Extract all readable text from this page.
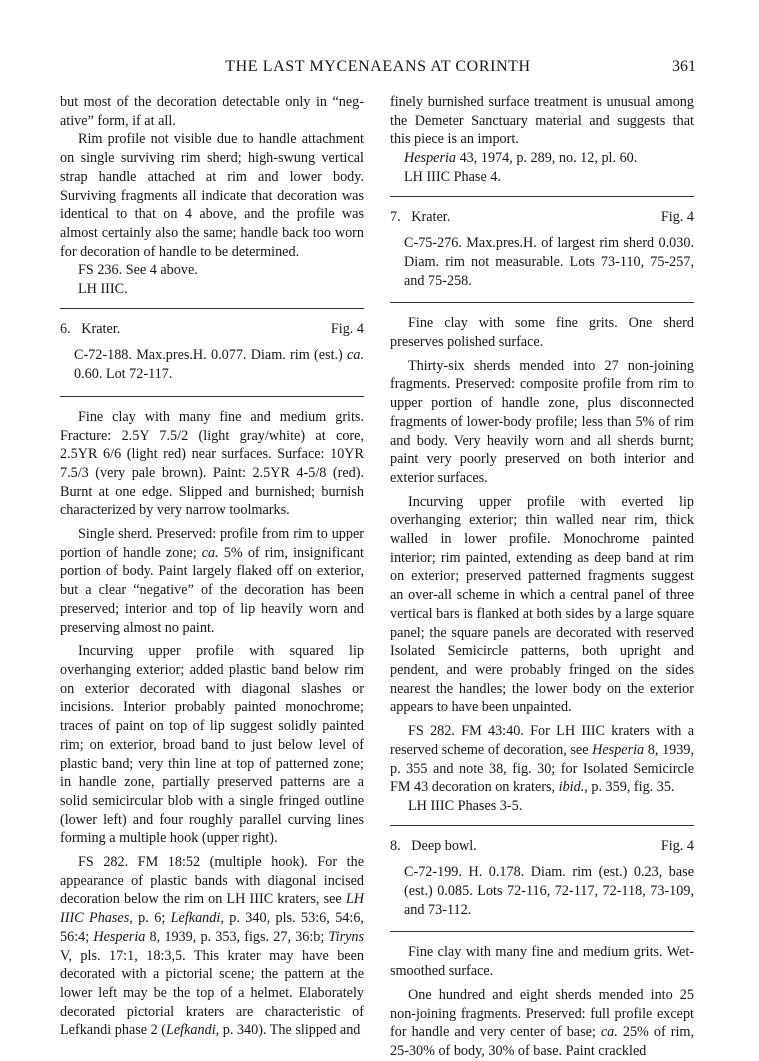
THE LAST MYCENAEANS AT CORINTH	361

but most of the decoration detectable only in “neg-ative” form, if at all.

Rim profile not visible due to handle attachment on single surviving rim sherd; high-swung vertical strap handle attached at rim and lower body. Surviving fragments all indicate that decoration was identical to that on 4 above, and the profile was almost certainly also the same; handle back too worn for decoration of handle to be determined.

FS 236. See 4 above.

LH IIIC.

6. Krater.	Fig. 4
C-72-188. Max.pres.H. 0.077. Diam. rim (est.) ca. 0.60. Lot 72-117.

Fine clay with many fine and medium grits. Fracture: 2.5Y 7.5/2 (light gray/white) at core, 2.5YR 6/6 (light red) near surfaces. Surface: 10YR 7.5/3 (very pale brown). Paint: 2.5YR 4-5/8 (red). Burnt at one edge. Slipped and burnished; burnish characterized by very narrow toolmarks.

Single sherd. Preserved: profile from rim to upper portion of handle zone; ca. 5% of rim, insignificant portion of body. Paint largely flaked off on exterior, but a clear “negative” of the decoration has been preserved; interior and top of lip heavily worn and preserving almost no paint.

Incurving upper profile with squared lip overhanging exterior; added plastic band below rim on exterior decorated with diagonal slashes or incisions. Interior probably painted monochrome; traces of paint on top of lip suggest solidly painted rim; on exterior, broad band to just below level of plastic band; very thin line at top of patterned zone; in handle zone, partially preserved patterns are a solid semicircular blob with a single fringed outline (lower left) and four roughly parallel curving lines forming a multiple hook (upper right).

FS 282. FM 18:52 (multiple hook). For the appearance of plastic bands with diagonal incised decoration below the rim on LH IIIC kraters, see LH IIIC Phases, p. 6; Lefkandi, p. 340, pls. 53:6, 54:6, 56:4; Hesperia 8, 1939, p. 353, figs. 27, 36:b; Tiryns V, pls. 17:1, 18:3,5. This krater may have been decorated with a pictorial scene; the pattern at the lower left may be the top of a helmet. Elaborately decorated pictorial kraters are characteristic of Lefkandi phase 2 (Lefkandi, p. 340). The slipped and

finely burnished surface treatment is unusual among the Demeter Sanctuary material and suggests that this piece is an import.

Hesperia 43, 1974, p. 289, no. 12, pl. 60.

LH IIIC Phase 4.

7. Krater.	Fig. 4
C-75-276. Max.pres.H. of largest rim sherd 0.030. Diam. rim not measurable. Lots 73-110, 75-257, and 75-258.

Fine clay with some fine grits. One sherd preserves polished surface.

Thirty-six sherds mended into 27 non-joining fragments. Preserved: composite profile from rim to upper portion of handle zone, plus disconnected fragments of lower-body profile; less than 5% of rim and body. Very heavily worn and all sherds burnt; paint very poorly preserved on both interior and exterior surfaces.

Incurving upper profile with everted lip overhanging exterior; thin walled near rim, thick walled in lower profile. Monochrome painted interior; rim painted, extending as deep band at rim on exterior; preserved patterned fragments suggest an over-all scheme in which a central panel of three vertical bars is flanked at both sides by a large square panel; the square panels are decorated with reserved Isolated Semicircle patterns, both upright and pendent, and were probably fringed on the sides nearest the handles; the lower body on the exterior appears to have been unpainted.

FS 282. FM 43:40. For LH IIIC kraters with a reserved scheme of decoration, see Hesperia 8, 1939, p. 355 and note 38, fig. 30; for Isolated Semicircle FM 43 decoration on kraters, ibid., p. 359, fig. 35.

LH IIIC Phases 3-5.

8. Deep bowl.	Fig. 4
C-72-199. H. 0.178. Diam. rim (est.) 0.23, base (est.) 0.085. Lots 72-116, 72-117, 72-118, 73-109, and 73-112.

Fine clay with many fine and medium grits. Wet-smoothed surface.

One hundred and eight sherds mended into 25 non-joining fragments. Preserved: full profile except for handle and very center of base; ca. 25% of rim, 25-30% of body, 30% of base. Paint crackled
